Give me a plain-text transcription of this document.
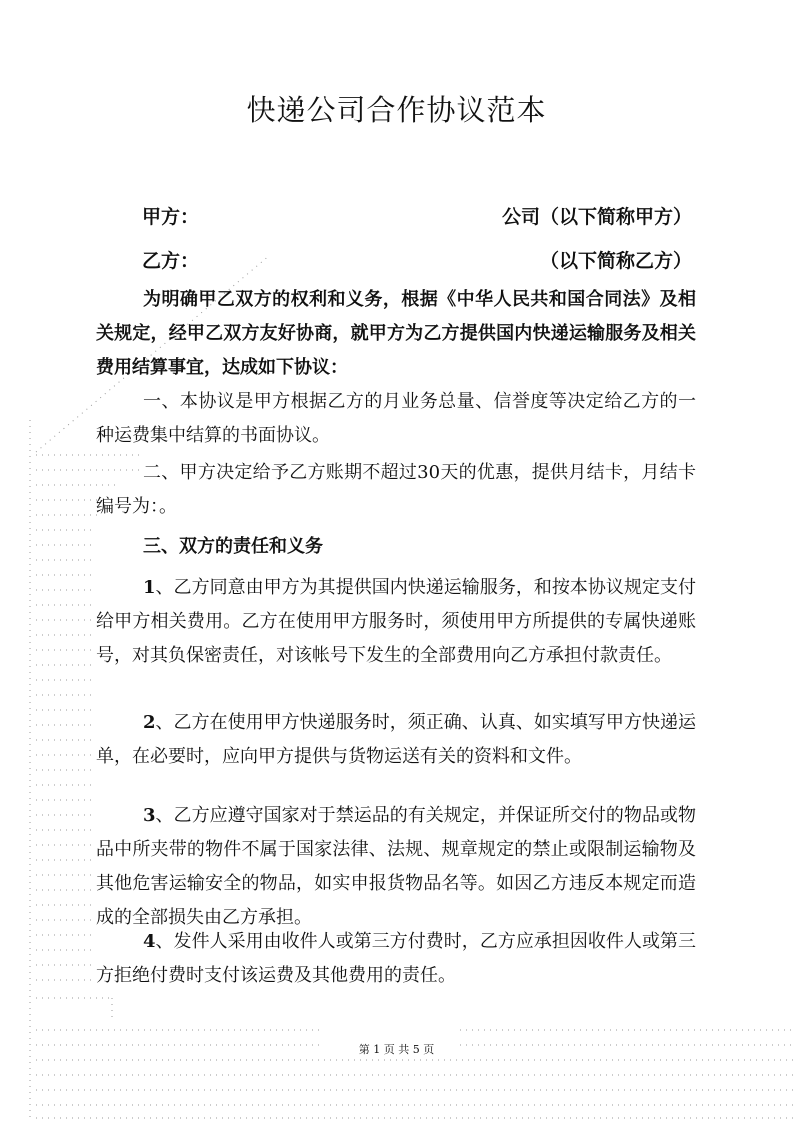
快递公司合作协议范本
甲方：	公司（以下简称甲方）
乙方：	（以下简称乙方）
为明确甲乙双方的权利和义务，根据《中华人民共和国合同法》及相关规定，经甲乙双方友好协商，就甲方为乙方提供国内快递运输服务及相关费用结算事宜，达成如下协议：
一、本协议是甲方根据乙方的月业务总量、信誉度等决定给乙方的一种运费集中结算的书面协议。
二、甲方决定给予乙方账期不超过30天的优惠，提供月结卡，月结卡编号为：。
三、双方的责任和义务
1、乙方同意由甲方为其提供国内快递运输服务，和按本协议规定支付给甲方相关费用。乙方在使用甲方服务时，须使用甲方所提供的专属快递账号，对其负保密责任，对该帐号下发生的全部费用向乙方承担付款责任。
2、乙方在使用甲方快递服务时，须正确、认真、如实填写甲方快递运单，在必要时，应向甲方提供与货物运送有关的资料和文件。
3、乙方应遵守国家对于禁运品的有关规定，并保证所交付的物品或物品中所夹带的物件不属于国家法律、法规、规章规定的禁止或限制运输物及其他危害运输安全的物品，如实申报货物品名等。如因乙方违反本规定而造成的全部损失由乙方承担。
4、发件人采用由收件人或第三方付费时，乙方应承担因收件人或第三方拒绝付费时支付该运费及其他费用的责任。
第 1 页 共 5 页
